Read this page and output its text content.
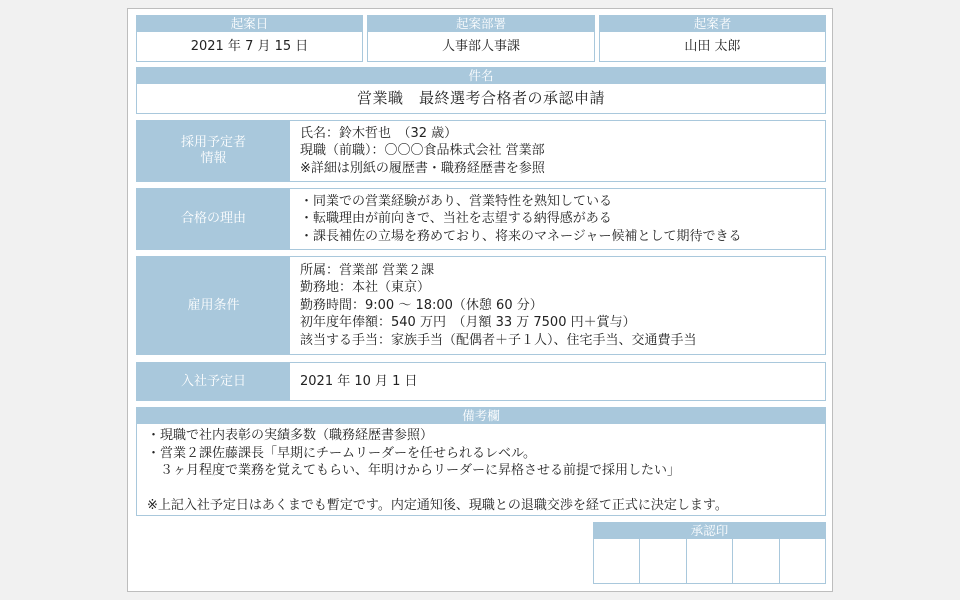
起案日
2021 年 7 月 15 日
起案部署
人事部人事課
起案者
山田 太郎
件名
営業職　最終選考合格者の承認申請
採用予定者
情報
氏名：鈴木哲也　（32 歳）
現職（前職）：〇〇〇食品株式会社 営業部
※詳細は別紙の履歴書・職務経歴書を参照
合格の理由
・同業での営業経験があり、営業特性を熟知している
・転職理由が前向きで、当社を志望する納得感がある
・課長補佐の立場を務めており、将来のマネージャー候補として期待できる
雇用条件
所属：営業部 営業２課
勤務地：本社（東京）
勤務時間：9:00 〜 18:00（休憩 60 分）
初年度年俸額：540 万円　（月額 33 万 7500 円＋賞与）
該当する手当：家族手当（配偶者＋子１人）、住宅手当、交通費手当
入社予定日	2021 年 10 月 1 日
備考欄
・現職で社内表彰の実績多数（職務経歴書参照）
・営業２課佐藤課長「早期にチームリーダーを任せられるレベル。
　３ヶ月程度で業務を覚えてもらい、年明けからリーダーに昇格させる前提で採用したい」
※上記入社予定日はあくまでも暫定です。内定通知後、現職との退職交渉を経て正式に決定します。
承認印
